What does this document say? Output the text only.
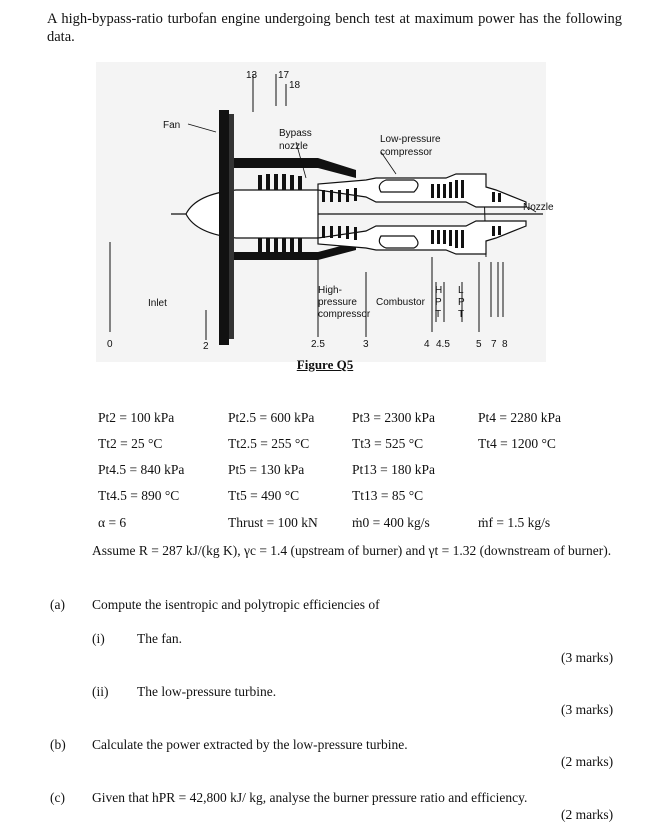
A high-bypass-ratio turbofan engine undergoing bench test at maximum power has the following data.
Fan
Bypass
nozzle
Low-pressure
compressor
Nozzle
Inlet
High-
pressure
compressor
Combustor
H
P
T
L
P
T
13 17
18
0	2	2.5	3	4 4.5	5 7 8
Figure Q5
Pt2 = 100 kPa	Pt2.5 = 600 kPa	Pt3 = 2300 kPa	Pt4 = 2280 kPa
Tt2 = 25 °C	Tt2.5 = 255 °C	Tt3 = 525 °C	Tt4 = 1200 °C
Pt4.5 = 840 kPa	Pt5 = 130 kPa	Pt13 = 180 kPa
Tt4.5 = 890 °C	Tt5 = 490 °C	Tt13 = 85 °C
α = 6	Thrust = 100 kN	ṁ0 = 400 kg/s	ṁf = 1.5 kg/s
Assume R = 287 kJ/(kg K), γc = 1.4 (upstream of burner) and γt = 1.32 (downstream of burner).
(a) Compute the isentropic and polytropic efficiencies of
(i) The fan.
(3 marks)
(ii) The low-pressure turbine.
(3 marks)
(b) Calculate the power extracted by the low-pressure turbine.
(2 marks)
(c) Given that hPR = 42,800 kJ/ kg, analyse the burner pressure ratio and efficiency.
(2 marks)
